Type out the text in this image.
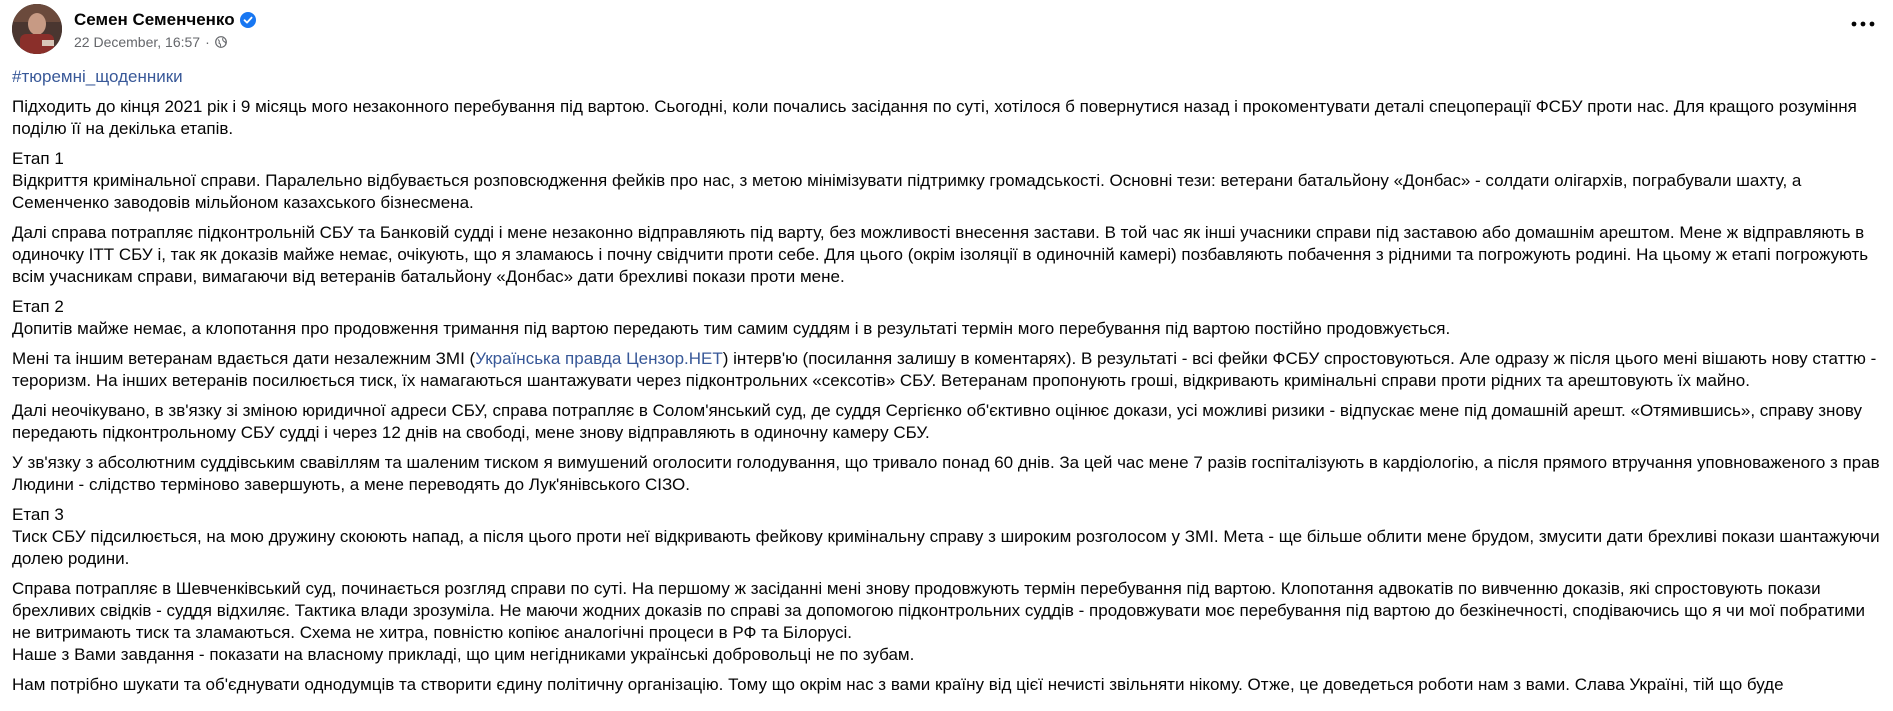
Семен Семенченко
22 December, 16:57 ·

#тюремні_щоденники

Підходить до кінця 2021 рік і 9 місяць мого незаконного перебування під вартою. Сьогодні, коли почались засідання по суті, хотілося б повернутися назад і прокоментувати деталі спецоперації ФСБУ проти нас. Для кращого розуміння поділю її на декілька етапів.

Етап 1

Відкриття кримінальної справи. Паралельно відбувається розповсюдження фейків про нас, з метою мінімізувати підтримку громадськості. Основні тези: ветерани батальйону «Донбас» - солдати олігархів, пограбували шахту, а Семенченко заводовів мільйоном казахського бізнесмена.

Далі справа потрапляє підконтрольній СБУ та Банковій судді і мене незаконно відправляють під варту, без можливості внесення застави. В той час як інші учасники справи під заставою або домашнім арештом. Мене ж відправляють в одиночку ІТТ СБУ і, так як доказів майже немає, очікують, що я зламаюсь і почну свідчити проти себе. Для цього (окрім ізоляції в одиночній камері) позбавляють побачення з рідними та погрожують родині. На цьому ж етапі погрожують всім учасникам справи, вимагаючи від ветеранів батальйону «Донбас» дати брехливі покази проти мене.

Етап 2

Допитів майже немає, а клопотання про продовження тримання під вартою передають тим самим суддям і в результаті термін мого перебування під вартою постійно продовжується.

Мені та іншим ветеранам вдається дати незалежним ЗМІ (Українська правда Цензор.НЕТ) інтерв'ю (посилання залишу в коментарях). В результаті - всі фейки ФСБУ спростовуються. Але одразу ж після цього мені вішають нову статтю - тероризм. На інших ветеранів посилюється тиск, їх намагаються шантажувати через підконтрольних «сексотів» СБУ. Ветеранам пропонують гроші, відкривають кримінальні справи проти рідних та арештовують їх майно.

Далі неочікувано, в зв'язку зі зміною юридичної адреси СБУ, справа потрапляє в Солом'янський суд, де суддя Сергієнко об'єктивно оцінює докази, усі можливі ризики - відпускає мене під домашній арешт. «Отямившись», справу знову передають підконтрольному СБУ судді і через 12 днів на свободі, мене знову відправляють в одиночну камеру СБУ.

У зв'язку з абсолютним суддівським свавіллям та шаленим тиском я вимушений оголосити голодування, що тривало понад 60 днів. За цей час мене 7 разів госпіталізують в кардіологію, а після прямого втручання уповноваженого з прав Людини - слідство терміново завершують, а мене переводять до Лук'янівського СІЗО.

Етап 3

Тиск СБУ підсилюється, на мою дружину скоюють напад, а після цього проти неї відкривають фейкову кримінальну справу з широким розголосом у ЗМІ. Мета - ще більше облити мене брудом, змусити дати брехливі покази шантажуючи долею родини.

Справа потрапляє в Шевченківський суд, починається розгляд справи по суті. На першому ж засіданні мені знову продовжують термін перебування під вартою. Клопотання адвокатів по вивченню доказів, які спростовують покази брехливих свідків - суддя відхиляє. Тактика влади зрозуміла. Не маючи жодних доказів по справі за допомогою підконтрольних суддів - продовжувати моє перебування під вартою до безкінечності, сподіваючись що я чи мої побратими не витримають тиск та зламаються. Схема не хитра, повністю копіює аналогічні процеси в РФ та Білорусі.

Наше з Вами завдання - показати на власному прикладі, що цим негідниками українські добровольці не по зубам.

Нам потрібно шукати та об'єднувати однодумців та створити єдину політичну організацію. Тому що окрім нас з вами країну від цієї нечисті звільняти нікому. Отже, це доведеться роботи нам з вами. Слава Україні, тій що буде
